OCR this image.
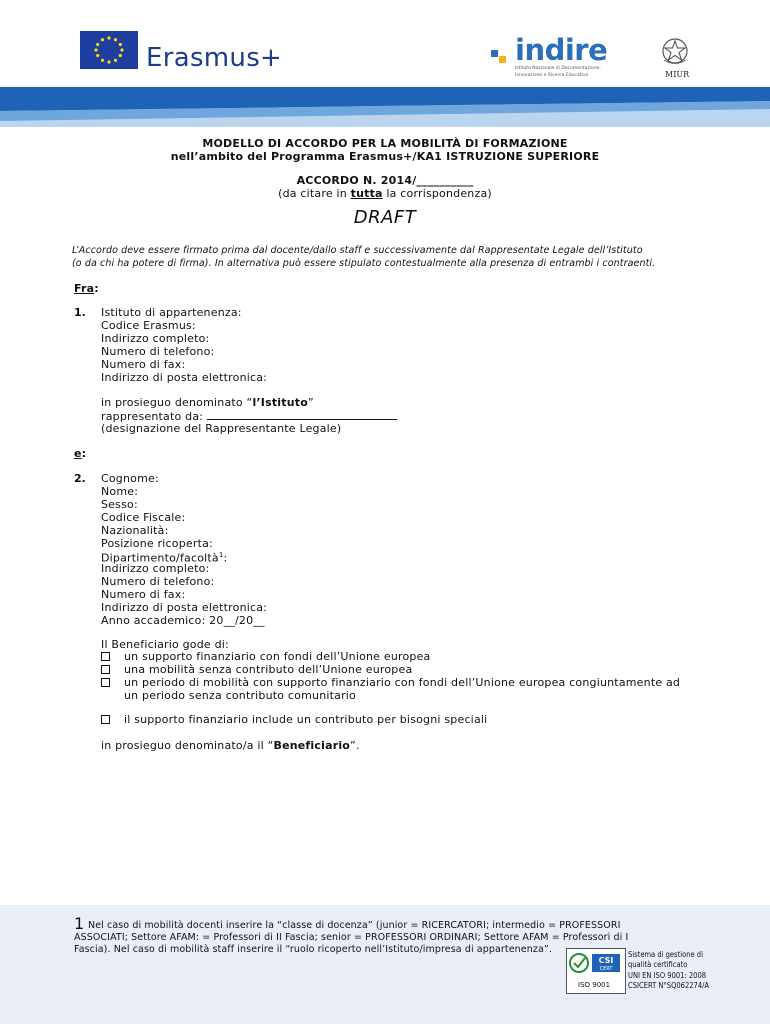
Erasmus+	indire
Istituto Nazionale di Documentazione,
Innovazione e Ricerca Educativa	MIUR
MODELLO DI ACCORDO PER LA MOBILITÀ DI FORMAZIONE
nell’ambito del Programma Erasmus+/KA1 ISTRUZIONE SUPERIORE
ACCORDO N. 2014/__________
(da citare in tutta la corrispondenza)
DRAFT
L’Accordo deve essere firmato prima dal docente/dallo staff e successivamente dal Rappresentate Legale dell’Istituto
(o da chi ha potere di firma). In alternativa può essere stipulato contestualmente alla presenza di entrambi i contraenti.
Fra:
1. Istituto di appartenenza:
Codice Erasmus:
Indirizzo completo:
Numero di telefono:
Numero di fax:
Indirizzo di posta elettronica:
in prosieguo denominato “l’Istituto”
rappresentato da:
(designazione del Rappresentante Legale)
e:
2. Cognome:
Nome:
Sesso:
Codice Fiscale:
Nazionalità:
Posizione ricoperta:
Dipartimento/facoltà$^1$:
Indirizzo completo:
Numero di telefono:
Numero di fax:
Indirizzo di posta elettronica:
Anno accademico: 20__/20__
Il Beneficiario gode di:
un supporto finanziario con fondi dell’Unione europea
una mobilità senza contributo dell’Unione europea
un periodo di mobilità con supporto finanziario con fondi dell’Unione europea congiuntamente ad
un periodo senza contributo comunitario
il supporto finanziario include un contributo per bisogni speciali
in prosieguo denominato/a il “Beneficiario”.
1 Nel caso di mobilità docenti inserire la “classe di docenza” (junior = RICERCATORI; intermedio = PROFESSORI
ASSOCIATI; Settore AFAM: = Professori di II Fascia; senior = PROFESSORI ORDINARI; Settore AFAM = Professori di I
Fascia). Nel caso di mobilità staff inserire il “ruolo ricoperto nell’Istituto/impresa di appartenenza”.
CSI
CERT
ISO 9001
Sistema di gestione di
qualità certificato
UNI EN ISO 9001: 2008
CSICERT N°SQ062274/A
